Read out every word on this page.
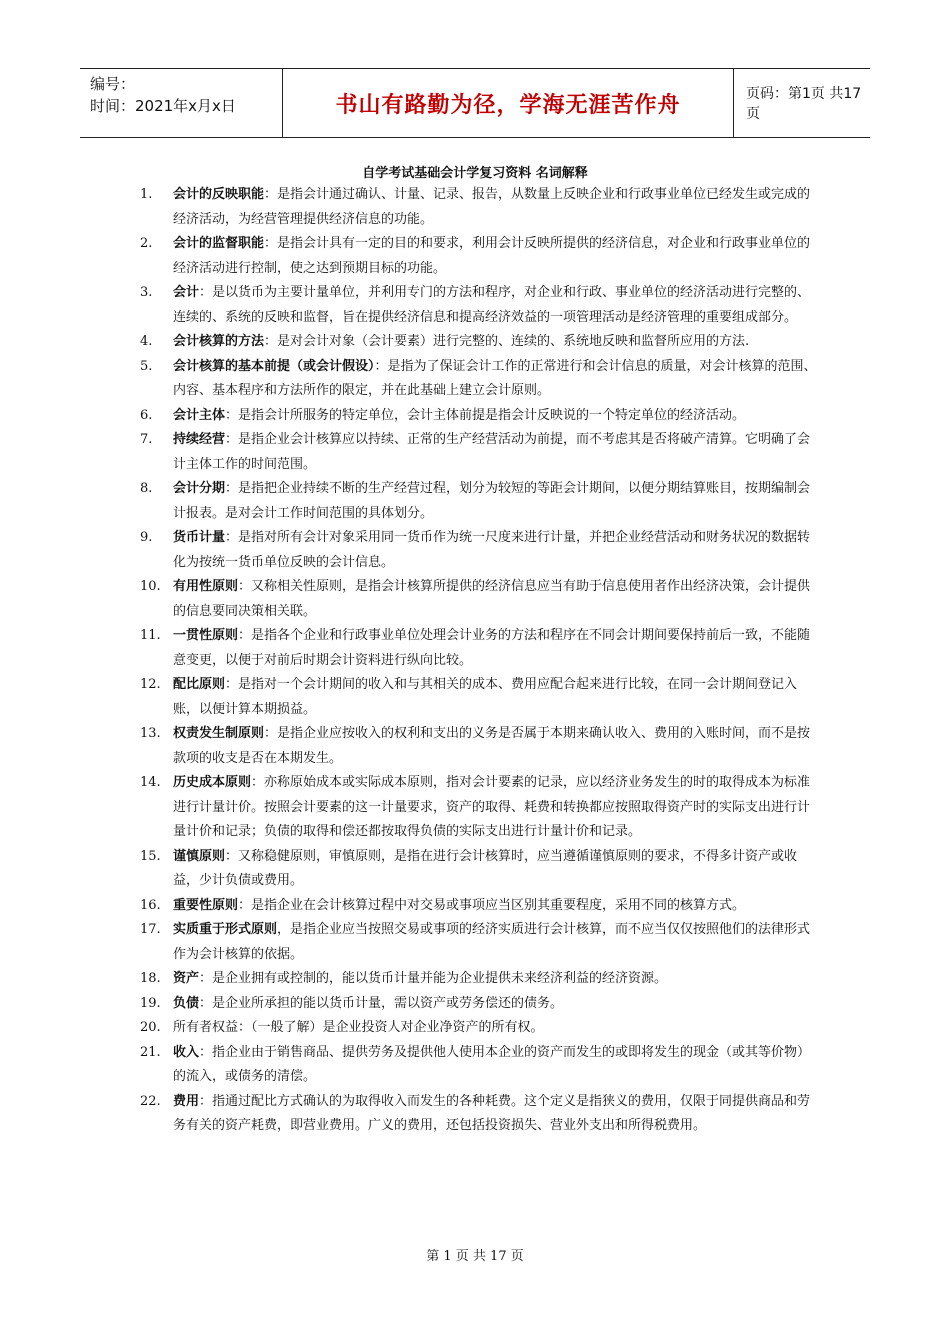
编号：
时间：2021年x月x日	书山有路勤为径，学海无涯苦作舟	页码：第1页 共17页
自学考试基础会计学复习资料 名词解释
1.	会计的反映职能：是指会计通过确认、计量、记录、报告，从数量上反映企业和行政事业单位已经发生或完成的经济活动，为经营管理提供经济信息的功能。
2.	会计的监督职能：是指会计具有一定的目的和要求，利用会计反映所提供的经济信息，对企业和行政事业单位的经济活动进行控制，使之达到预期目标的功能。
3.	会计：是以货币为主要计量单位，并利用专门的方法和程序，对企业和行政、事业单位的经济活动进行完整的、连续的、系统的反映和监督，旨在提供经济信息和提高经济效益的一项管理活动是经济管理的重要组成部分。
4.	会计核算的方法：是对会计对象（会计要素）进行完整的、连续的、系统地反映和监督所应用的方法.
5.	会计核算的基本前提（或会计假设）：是指为了保证会计工作的正常进行和会计信息的质量，对会计核算的范围、内容、基本程序和方法所作的限定，并在此基础上建立会计原则。
6.	会计主体：是指会计所服务的特定单位，会计主体前提是指会计反映说的一个特定单位的经济活动。
7.	持续经营：是指企业会计核算应以持续、正常的生产经营活动为前提，而不考虑其是否将破产清算。它明确了会计主体工作的时间范围。
8.	会计分期：是指把企业持续不断的生产经营过程，划分为较短的等距会计期间，以便分期结算账目，按期编制会计报表。是对会计工作时间范围的具体划分。
9.	货币计量：是指对所有会计对象采用同一货币作为统一尺度来进行计量，并把企业经营活动和财务状况的数据转化为按统一货币单位反映的会计信息。
10. 有用性原则：又称相关性原则，是指会计核算所提供的经济信息应当有助于信息使用者作出经济决策，会计提供的信息要同决策相关联。
11. 一贯性原则：是指各个企业和行政事业单位处理会计业务的方法和程序在不同会计期间要保持前后一致，不能随意变更，以便于对前后时期会计资料进行纵向比较。
12. 配比原则：是指对一个会计期间的收入和与其相关的成本、费用应配合起来进行比较，在同一会计期间登记入账，以便计算本期损益。
13. 权责发生制原则：是指企业应按收入的权利和支出的义务是否属于本期来确认收入、费用的入账时间，而不是按款项的收支是否在本期发生。
14. 历史成本原则：亦称原始成本或实际成本原则，指对会计要素的记录，应以经济业务发生的时的取得成本为标准进行计量计价。按照会计要素的这一计量要求，资产的取得、耗费和转换都应按照取得资产时的实际支出进行计量计价和记录；负债的取得和偿还都按取得负债的实际支出进行计量计价和记录。
15. 谨慎原则：又称稳健原则，审慎原则，是指在进行会计核算时，应当遵循谨慎原则的要求，不得多计资产或收益，少计负债或费用。
16. 重要性原则：是指企业在会计核算过程中对交易或事项应当区别其重要程度，采用不同的核算方式。
17. 实质重于形式原则，是指企业应当按照交易或事项的经济实质进行会计核算，而不应当仅仅按照他们的法律形式作为会计核算的依据。
18. 资产：是企业拥有或控制的，能以货币计量并能为企业提供未来经济利益的经济资源。
19. 负债：是企业所承担的能以货币计量，需以资产或劳务偿还的债务。
20. 所有者权益：（一般了解）是企业投资人对企业净资产的所有权。
21. 收入：指企业由于销售商品、提供劳务及提供他人使用本企业的资产而发生的或即将发生的现金（或其等价物）的流入，或债务的清偿。
22. 费用：指通过配比方式确认的为取得收入而发生的各种耗费。这个定义是指狭义的费用，仅限于同提供商品和劳务有关的资产耗费，即营业费用。广义的费用，还包括投资损失、营业外支出和所得税费用。
第 1 页 共 17 页
